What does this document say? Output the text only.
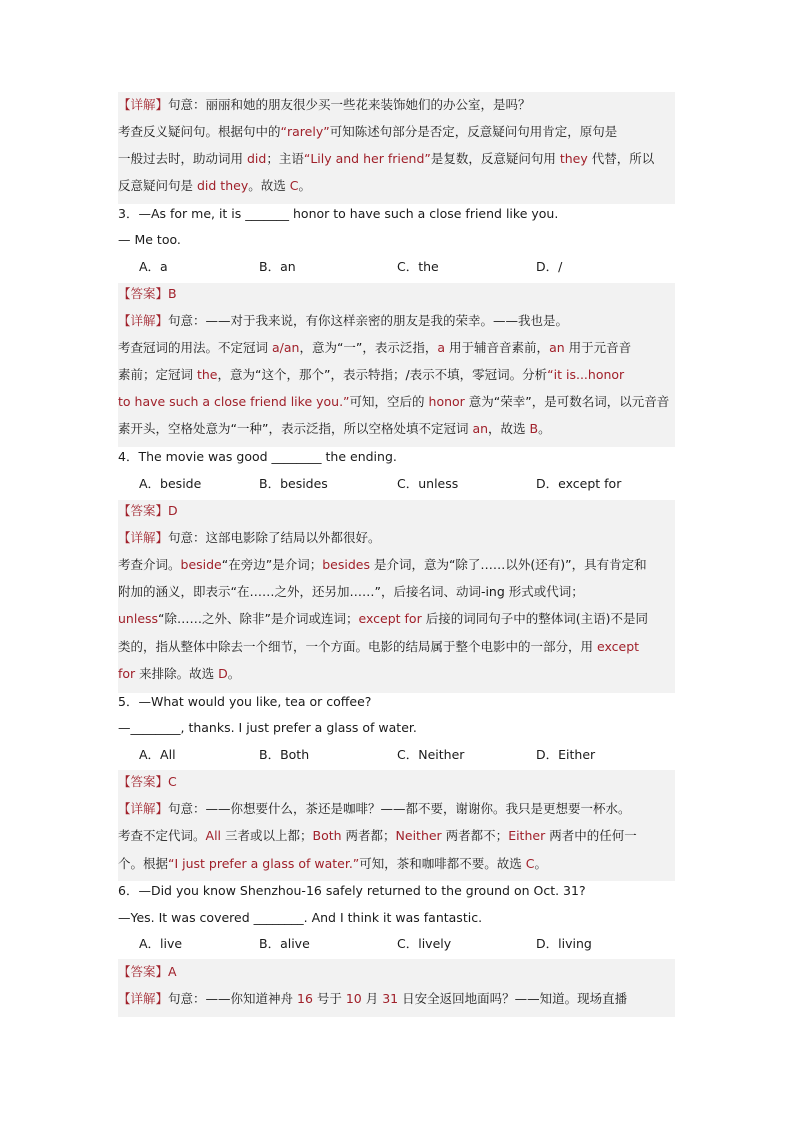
【详解】句意：丽丽和她的朋友很少买一些花来装饰她们的办公室，是吗？
考查反义疑问句。根据句中的“rarely”可知陈述句部分是否定，反意疑问句用肯定，原句是
一般过去时，助动词用 did；主语“Lily and her friend”是复数，反意疑问句用 they 代替，所以
反意疑问句是 did they。故选 C。
3．—As for me, it is _______ honor to have such a close friend like you.
— Me too.
A．a	B．an	C．the	D．/
【答案】B
【详解】句意：——对于我来说，有你这样亲密的朋友是我的荣幸。——我也是。
考查冠词的用法。不定冠词 a/an，意为“一”，表示泛指，a 用于辅音音素前，an 用于元音音
素前；定冠词 the，意为“这个，那个”，表示特指；/表示不填，零冠词。分析“it is...honor
to have such a close friend like you.”可知，空后的 honor 意为“荣幸”，是可数名词，以元音音
素开头，空格处意为“一种”，表示泛指，所以空格处填不定冠词 an，故选 B。
4．The movie was good ________ the ending.
A．beside	B．besides	C．unless	D．except for
【答案】D
【详解】句意：这部电影除了结局以外都很好。
考查介词。beside“在旁边”是介词；besides 是介词，意为“除了……以外(还有)”，具有肯定和
附加的涵义，即表示“在……之外，还另加……”，后接名词、动词-ing 形式或代词；
unless“除……之外、除非”是介词或连词；except for 后接的词同句子中的整体词(主语)不是同
类的，指从整体中除去一个细节，一个方面。电影的结局属于整个电影中的一部分，用 except
for 来排除。故选 D。
5．—What would you like, tea or coffee?
—________, thanks. I just prefer a glass of water.
A．All	B．Both	C．Neither	D．Either
【答案】C
【详解】句意：——你想要什么，茶还是咖啡？——都不要，谢谢你。我只是更想要一杯水。
考查不定代词。All 三者或以上都；Both 两者都；Neither 两者都不；Either 两者中的任何一
个。根据“I just prefer a glass of water.”可知，茶和咖啡都不要。故选 C。
6．—Did you know Shenzhou-16 safely returned to the ground on Oct. 31?
—Yes. It was covered ________. And I think it was fantastic.
A．live	B．alive	C．lively	D．living
【答案】A
【详解】句意：——你知道神舟 16 号于 10 月 31 日安全返回地面吗？——知道。现场直播
